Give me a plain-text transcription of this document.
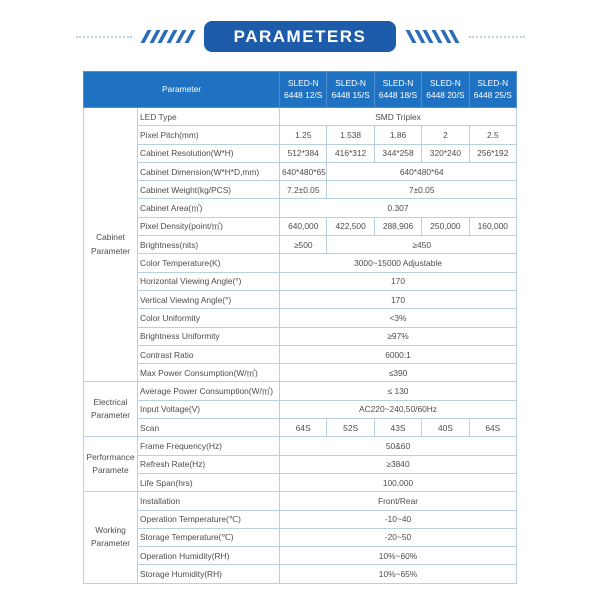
PARAMETERS
Parameter		SLED-N 6448 12/S	SLED-N 6448 15/S	SLED-N 6448 18/S	SLED-N 6448 20/S	SLED-N 6448 25/S
Cabinet Parameter	LED Type	SMD Triplex				
	Pixel Pitch(mm)	1.25	1.538	1.86	2	2.5
	Cabinet Resolution(W*H)	512*384	416*312	344*258	320*240	256*192
	Cabinet Dimension(W*H*D,mm)	640*480*65	640*480*64			
	Cabinet Weight(kg/PCS)	7.2±0.05	7±0.05			
	Cabinet Area(㎡)	0.307				
	Pixel Density(point/㎡)	640,000	422,500	288,906	250,000	160,000
	Brightness(nits)	≥500	≥450			
	Color Temperature(K)	3000~15000 Adjustable				
	Horizontal Viewing Angle(°)	170				
	Vertical Viewing Angle(°)	170				
	Color Uniformity	<3%				
	Brightness Uniformity	≥97%				
	Contrast Ratio	6000:1				
	Max Power Consumption(W/㎡)	≤390				
Electrical Parameter	Average Power Consumption(W/㎡)	≤ 130				
	Input Voltage(V)	AC220~240,50/60Hz				
	Scan	64S	52S	43S	40S	64S
Performance Paramete	Frame Frequency(Hz)	50&60				
	Refresh Rate(Hz)	≥3840				
	Life Span(hrs)	100,000				
Working Parameter	Installation	Front/Rear				
	Operation Temperature(℃)	-10~40				
	Storage Temperature(℃)	-20~50				
	Operation Humidity(RH)	10%~60%				
	Storage Humidity(RH)	10%~65%				
